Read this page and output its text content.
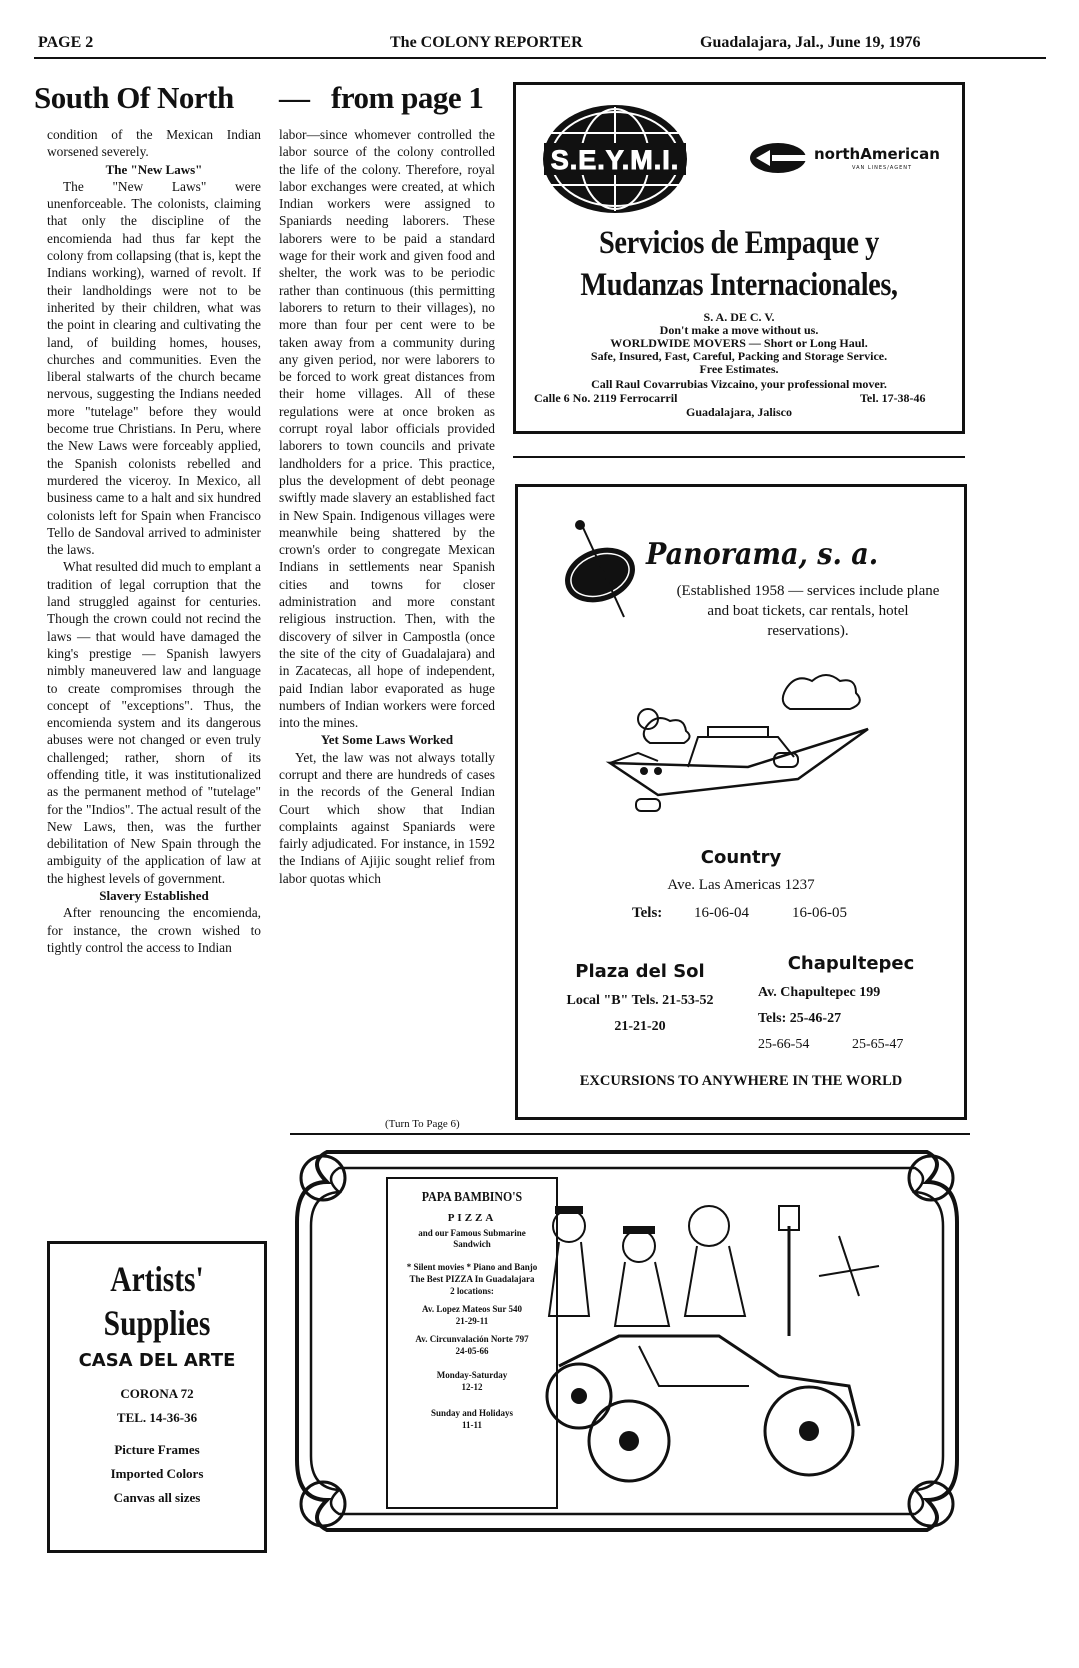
PAGE 2	The COLONY REPORTER	Guadalajara, Jal., June 19, 1976
South Of North — from page 1

condition of the Mexican Indian worsened severely.

The "New Laws"

The "New Laws" were unenforceable. The colonists, claiming that only the discipline of the encomienda had thus far kept the colony from collapsing (that is, kept the Indians working), warned of revolt. If their landholdings were not to be inherited by their children, what was the point in clearing and cultivating the land, of building homes, houses, churches and communities. Even the liberal stalwarts of the church became nervous, suggesting the Indians needed more "tutelage" before they would become true Christians. In Peru, where the New Laws were forceably applied, the Spanish colonists rebelled and murdered the viceroy. In Mexico, all business came to a halt and six hundred colonists left for Spain when Francisco Tello de Sandoval arrived to administer the laws.

What resulted did much to emplant a tradition of legal corruption that the land struggled against for centuries. Though the crown could not recind the laws — that would have damaged the king's prestige — Spanish lawyers nimbly maneuvered law and language to create compromises through the concept of "exceptions". Thus, the encomienda system and its dangerous abuses were not changed or even truly challenged; rather, shorn of its offending title, it was institutionalized as the permanent method of "tutelage" for the "Indios". The actual result of the New Laws, then, was the further debilitation of New Spain through the ambiguity of the application of law at the highest levels of government.

Slavery Established

After renouncing the encomienda, for instance, the crown wished to tightly control the access to Indian

labor—since whomever controlled the labor source of the colony controlled the life of the colony. Therefore, royal labor exchanges were created, at which Indian workers were assigned to Spaniards needing laborers. These laborers were to be paid a standard wage for their work and given food and shelter, the work was to be periodic rather than continuous (this permitting laborers to return to their villages), no more than four per cent were to be taken away from a community during any given period, nor were laborers to be forced to work great distances from their home villages. All of these regulations were at once broken as corrupt royal labor officials provided laborers to town councils and private landholders for a price. This practice, plus the development of debt peonage swiftly made slavery an established fact in New Spain. Indigenous villages were meanwhile being shattered by the crown's order to congregate Mexican Indians in settlements near Spanish cities and towns for closer administration and more constant religious instruction. Then, with the discovery of silver in Campostla (once the site of the city of Guadalajara) and in Zacatecas, all hope of independent, paid Indian labor evaporated as huge numbers of Indian workers were forced into the mines.

Yet Some Laws Worked

Yet, the law was not always totally corrupt and there are hundreds of cases in the records of the General Indian Court which show that Indian complaints against Spaniards were fairly adjudicated. For instance, in 1592 the Indians of Ajijic sought relief from labor quotas which

(Turn To Page 6)
S.E.Y.M.I.	northAmerican
VAN LINES/AGENT
Servicios de Empaque y
Mudanzas Internacionales,
S. A. DE C. V.
Don't make a move without us.
WORLDWIDE MOVERS — Short or Long Haul.
Safe, Insured, Fast, Careful, Packing and Storage Service.
Free Estimates.
Call Raul Covarrubias Vizcaino, your professional mover.
Calle 6 No. 2119 Ferrocarril	Tel. 17-38-46
Guadalajara, Jalisco
Panorama, s. a.
(Established 1958 — services include plane and boat tickets, car rentals, hotel reservations).
Country
Ave. Las Americas 1237
Tels: 16-06-04	16-06-05
Plaza del Sol
Local "B" Tels. 21-53-52
21-21-20
Chapultepec
Av. Chapultepec 199
Tels: 25-46-27
25-66-54	25-65-47
EXCURSIONS TO ANYWHERE IN THE WORLD
Artists'
Supplies
CASA DEL ARTE
CORONA 72
TEL. 14-36-36
Picture Frames
Imported Colors
Canvas all sizes
PAPA BAMBINO'S
PIZZA
and our Famous Submarine Sandwich
* Silent movies * Piano and Banjo
The Best PIZZA In Guadalajara
2 locations:
Av. Lopez Mateos Sur 540
21-29-11
Av. Circunvalación Norte 797
24-05-66
Monday-Saturday
12-12
Sunday and Holidays
11-11
